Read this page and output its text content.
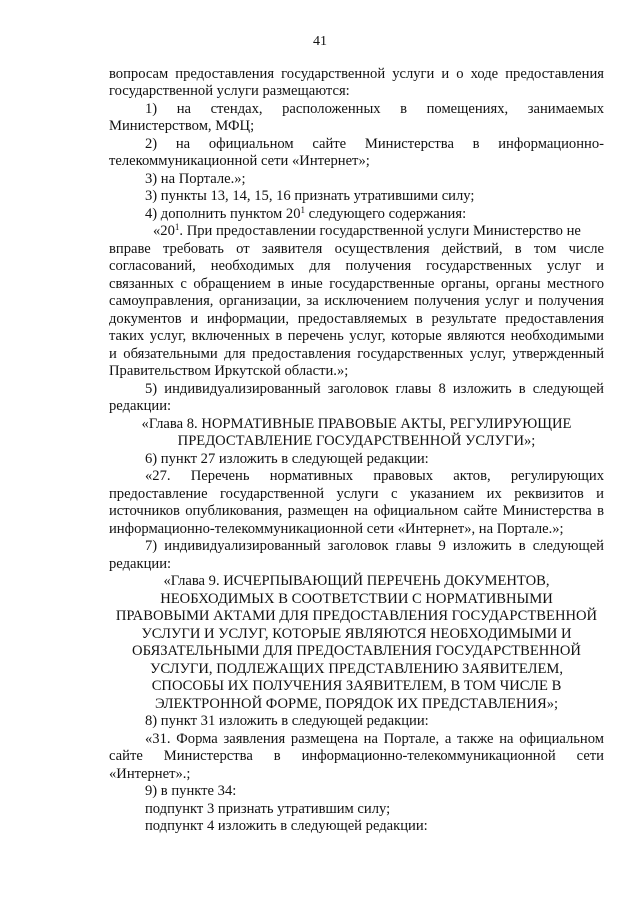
41
вопросам предоставления государственной услуги и о ходе предоставления
государственной услуги размещаются:
1) на стендах, расположенных в помещениях, занимаемых
Министерством, МФЦ;
2) на официальном сайте Министерства в информационно-
телекоммуникационной сети «Интернет»;
3) на Портале.»;
3) пункты 13, 14, 15, 16 признать утратившими силу;
4) дополнить пунктом $20^1$ следующего содержания:
«$20^1$. При предоставлении государственной услуги Министерство не
вправе требовать от заявителя осуществления действий, в том числе
согласований, необходимых для получения государственных услуг и
связанных с обращением в иные государственные органы, органы местного
самоуправления, организации, за исключением получения услуг и получения
документов и информации, предоставляемых в результате предоставления
таких услуг, включенных в перечень услуг, которые являются необходимыми
и обязательными для предоставления государственных услуг, утвержденный
Правительством Иркутской области.»;
5) индивидуализированный заголовок главы 8 изложить в следующей
редакции:
«Глава 8. НОРМАТИВНЫЕ ПРАВОВЫЕ АКТЫ, РЕГУЛИРУЮЩИЕ
ПРЕДОСТАВЛЕНИЕ ГОСУДАРСТВЕННОЙ УСЛУГИ»;
6) пункт 27 изложить в следующей редакции:
«27. Перечень нормативных правовых актов, регулирующих
предоставление государственной услуги с указанием их реквизитов и
источников опубликования, размещен на официальном сайте Министерства в
информационно-телекоммуникационной сети «Интернет», на Портале.»;
7) индивидуализированный заголовок главы 9 изложить в следующей
редакции:
«Глава 9. ИСЧЕРПЫВАЮЩИЙ ПЕРЕЧЕНЬ ДОКУМЕНТОВ,
НЕОБХОДИМЫХ В СООТВЕТСТВИИ С НОРМАТИВНЫМИ
ПРАВОВЫМИ АКТАМИ ДЛЯ ПРЕДОСТАВЛЕНИЯ ГОСУДАРСТВЕННОЙ
УСЛУГИ И УСЛУГ, КОТОРЫЕ ЯВЛЯЮТСЯ НЕОБХОДИМЫМИ И
ОБЯЗАТЕЛЬНЫМИ ДЛЯ ПРЕДОСТАВЛЕНИЯ ГОСУДАРСТВЕННОЙ
УСЛУГИ, ПОДЛЕЖАЩИХ ПРЕДСТАВЛЕНИЮ ЗАЯВИТЕЛЕМ,
СПОСОБЫ ИХ ПОЛУЧЕНИЯ ЗАЯВИТЕЛЕМ, В ТОМ ЧИСЛЕ В
ЭЛЕКТРОННОЙ ФОРМЕ, ПОРЯДОК ИХ ПРЕДСТАВЛЕНИЯ»;
8) пункт 31 изложить в следующей редакции:
«31. Форма заявления размещена на Портале, а также на официальном
сайте Министерства в информационно-телекоммуникационной сети
«Интернет».;
9) в пункте 34:
подпункт 3 признать утратившим силу;
подпункт 4 изложить в следующей редакции:
